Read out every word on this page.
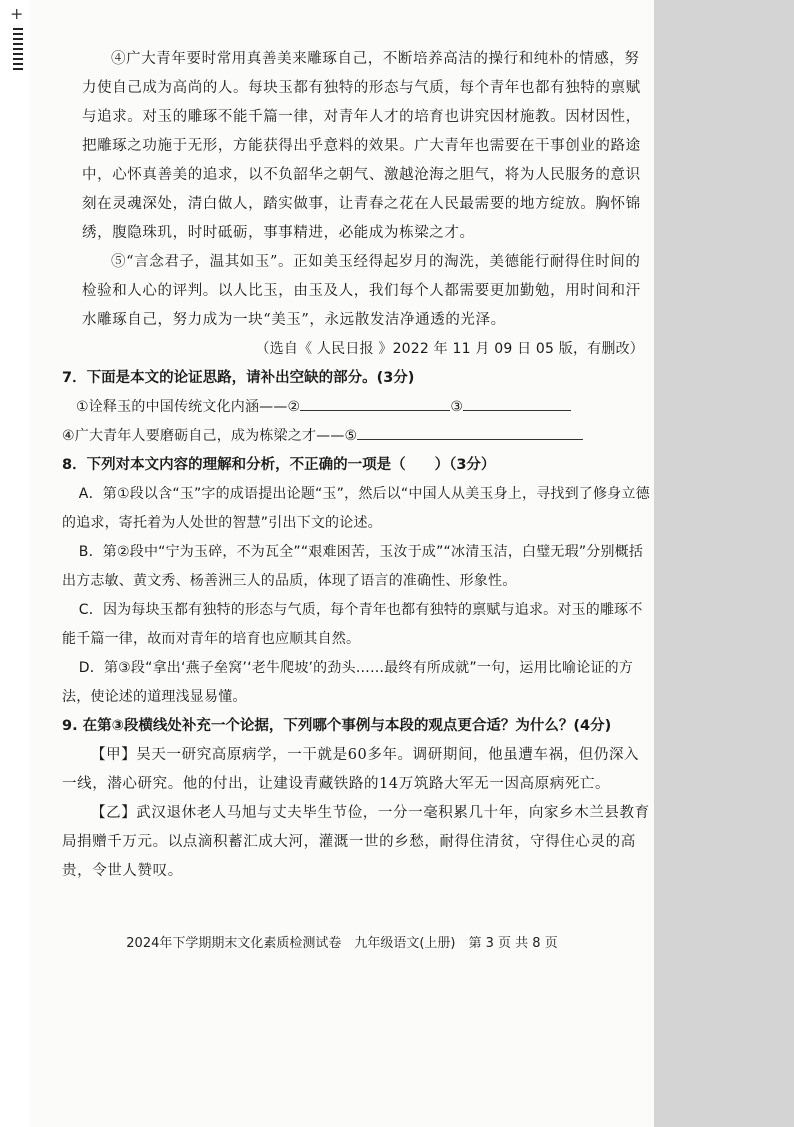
+

④广大青年要时常用真善美来雕琢自己，不断培养高洁的操行和纯朴的情感，努力使自己成为高尚的人。每块玉都有独特的形态与气质，每个青年也都有独特的禀赋与追求。对玉的雕琢不能千篇一律，对青年人才的培育也讲究因材施教。因材因性，把雕琢之功施于无形，方能获得出乎意料的效果。广大青年也需要在干事创业的路途中，心怀真善美的追求，以不负韶华之朝气、激越沧海之胆气，将为人民服务的意识刻在灵魂深处，清白做人，踏实做事，让青春之花在人民最需要的地方绽放。胸怀锦绣，腹隐珠玑，时时砥砺，事事精进，必能成为栋梁之才。

⑤“言念君子，温其如玉”。正如美玉经得起岁月的淘洗，美德能行耐得住时间的检验和人心的评判。以人比玉，由玉及人，我们每个人都需要更加勤勉，用时间和汗水雕琢自己，努力成为一块“美玉”，永远散发洁净通透的光泽。

（选自《 人民日报 》2022 年 11 月 09 日 05 版，有删改）

7．下面是本文的论证思路，请补出空缺的部分。(3分)

①诠释玉的中国传统文化内涵——②	③
④广大青年人要磨砺自己，成为栋梁之才——⑤

8．下列对本文内容的理解和分析，不正确的一项是（　　）（3分）

A．第①段以含“玉”字的成语提出论题“玉”，然后以“中国人从美玉身上，寻找到了修身立德的追求，寄托着为人处世的智慧”引出下文的论述。

B．第②段中“宁为玉碎，不为瓦全”“艰难困苦，玉汝于成”“冰清玉洁，白璧无瑕”分别概括出方志敏、黄文秀、杨善洲三人的品质，体现了语言的准确性、形象性。

C．因为每块玉都有独特的形态与气质，每个青年也都有独特的禀赋与追求。对玉的雕琢不能千篇一律，故而对青年的培育也应顺其自然。

D．第③段“拿出‘燕子垒窝’‘老牛爬坡’的劲头……最终有所成就”一句，运用比喻论证的方法，使论述的道理浅显易懂。

9. 在第③段横线处补充一个论据，下列哪个事例与本段的观点更合适？为什么？(4分)

【甲】吴天一研究高原病学，一干就是60多年。调研期间，他虽遭车祸，但仍深入一线，潜心研究。他的付出，让建设青藏铁路的14万筑路大军无一因高原病死亡。

【乙】武汉退休老人马旭与丈夫毕生节俭，一分一毫积累几十年，向家乡木兰县教育局捐赠千万元。以点滴积蓄汇成大河，灌溉一世的乡愁，耐得住清贫，守得住心灵的高贵，令世人赞叹。

2024年下学期期末文化素质检测试卷　九年级语文(上册)　第 3 页 共 8 页
